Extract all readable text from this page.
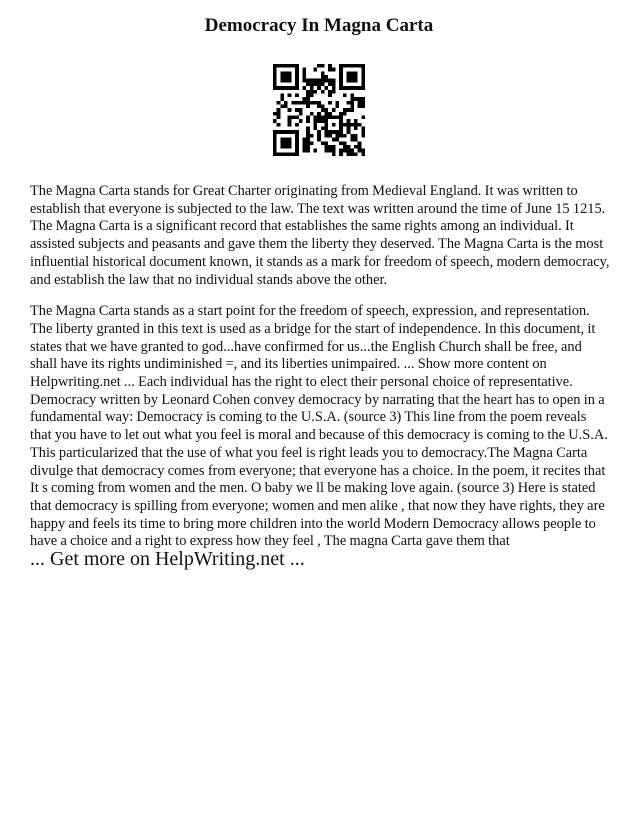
Democracy In Magna Carta

The Magna Carta stands for Great Charter originating from Medieval England. It was written to establish that everyone is subjected to the law. The text was written around the time of June 15 1215. The Magna Carta is a significant record that establishes the same rights among an individual. It assisted subjects and peasants and gave them the liberty they deserved. The Magna Carta is the most influential historical document known, it stands as a mark for freedom of speech, modern democracy, and establish the law that no individual stands above the other.

The Magna Carta stands as a start point for the freedom of speech, expression, and representation. The liberty granted in this text is used as a bridge for the start of independence. In this document, it states that we have granted to god...have confirmed for us...the English Church shall be free, and shall have its rights undiminished =, and its liberties unimpaired. ... Show more content on Helpwriting.net ... Each individual has the right to elect their personal choice of representative. Democracy written by Leonard Cohen convey democracy by narrating that the heart has to open in a fundamental way: Democracy is coming to the U.S.A. (source 3) This line from the poem reveals that you have to let out what you feel is moral and because of this democracy is coming to the U.S.A. This particularized that the use of what you feel is right leads you to democracy.The Magna Carta divulge that democracy comes from everyone; that everyone has a choice. In the poem, it recites that It s coming from women and the men. O baby we ll be making love again. (source 3) Here is stated that democracy is spilling from everyone; women and men alike , that now they have rights, they are happy and feels its time to bring more children into the world Modern Democracy allows people to have a choice and a right to express how they feel , The magna Carta gave them that

... Get more on HelpWriting.net ...
